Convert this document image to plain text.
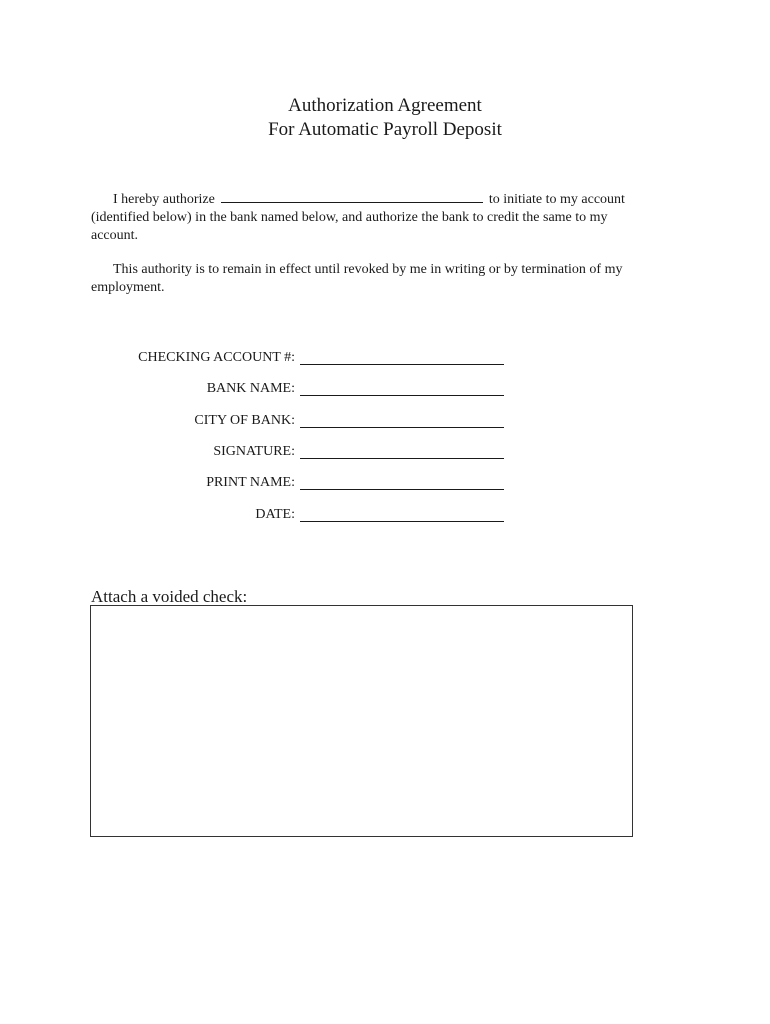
Authorization Agreement
For Automatic Payroll Deposit
I hereby authorize	to initiate to my account (identified below) in the bank named below, and authorize the bank to credit the same to my account.
This authority is to remain in effect until revoked by me in writing or by termination of my employment.
CHECKING ACCOUNT #:
BANK NAME:
CITY OF BANK:
SIGNATURE:
PRINT NAME:
DATE:
Attach a voided check:
